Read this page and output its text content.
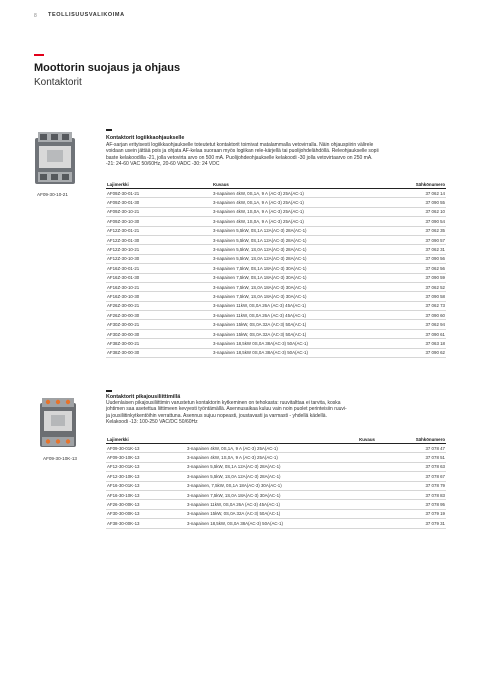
8 TEOLLISUUSVALIKOIMA
Moottorin suojaus ja ohjaus
Kontaktorit
AF09-30-10-21
Kontaktorit logiikkaohjaukselle
AF-sarjan erityisesti logiikkaohjaukselle toteutetut kontaktorit toimivat matalammalla vetovirralla. Näin ohjauspiirin välirele
voidaan usein jättää pois ja ohjata AF-kelaa suoraan myös logiikan rele-kärjellä tai puolijohdelähdöllä. Releohjaukselle sopii
baste kelakoodilla -21, jolla vetovirta arvo on 500 mA. Puolijohdeohjaukselle kelakoodi -30 jolla vetovirtaarvo on 250 mA.
-21: 24-60 VAC 50/60Hz, 20-60 VADC -30: 24 VDC
Lajimerkki	Kuvaus	Sähkönumero
AF09Z-30-01-21	3-napainen 4kW, 0S,1A, 9 A (AC-3) 25A(AC-1)	37 062 14
AF09Z-30-01-30	3-napainen 4kW, 0S,1A, 9 A (AC-3) 25A(AC-1)	37 090 55
AF09Z-30-10-21	3-napainen 4kW, 1S,0A, 9 A (AC-3) 25A(AC-1)	37 062 10
AF09Z-30-10-30	3-napainen 4kW, 1S,0A, 9 A (AC-3) 25A(AC-1)	37 090 54
AF12Z-30-01-21	3-napainen 5,5kW, 0S,1A 12A(AC-3) 28A(AC-1)	37 062 35
AF12Z-30-01-30	3-napainen 5,5kW, 0S,1A 12A(AC-3) 28A(AC-1)	37 090 57
AF12Z-30-10-21	3-napainen 5,5kW, 1S,0A 12A(AC-3) 28A(AC-1)	37 062 31
AF12Z-30-10-30	3-napainen 5,5kW, 1S,0A 12A(AC-3) 28A(AC-1)	37 090 56
AF16Z-30-01-21	3-napainen 7,5kW, 0S,1A 18A(AC-3) 30A(AC-1)	37 062 56
AF16Z-30-01-30	3-napainen 7,5kW, 0S,1A 18A(AC-3) 30A(AC-1)	37 090 59
AF16Z-30-10-21	3-napainen 7,5kW, 1S,0A 18A(AC-3) 30A(AC-1)	37 062 52
AF16Z-30-10-30	3-napainen 7,5kW, 1S,0A 18A(AC-3) 30A(AC-1)	37 090 58
AF26Z-30-00-21	3-napainen 11kW, 0S,0A 26A (AC-3) 45A(AC-1)	37 062 73
AF26Z-30-00-30	3-napainen 11kW, 0S,0A 26A (AC-3) 45A(AC-1)	37 090 60
AF30Z-30-00-21	3-napainen 15kW, 0S,0A 32A (AC-3) 50A(AC-1)	37 062 94
AF30Z-30-00-30	3-napainen 15kW, 0S,0A 32A (AC-3) 50A(AC-1)	37 090 61
AF38Z-30-00-21	3-napainen 18,5kW 0S,0A 38A(AC-3) 50A(AC-1)	37 063 18
AF38Z-30-00-30	3-napainen 18,5kW 0S,0A 38A(AC-3) 50A(AC-1)	37 090 62
AF09-30-10K-13
Kontaktorit pikajousiliittimillä
Uudenlaisen pikajousiliittimin varustetun kontaktorin kytkeminen on tehokasta: ruuvitalttaa ei tarvita, koska
johtimen saa asetettua liittimeen kevyesti työntämällä. Asennusaikaa kuluu vain noin puolet perinteisiin ruuvi-
ja jousiliitinkytkentöihin verrattuna. Asennus sujuu nopeasti, joustavasti ja varmasti - yhdellä kädellä.
Kelakoodi -13: 100-250 VAC/DC 50/60Hz
Lajimerkki	Kuvaus	Sähkönumero
AF09-30-01K-13	3-napainen 4kW, 0S,1A, 9 A (AC-3) 25A(AC-1)	37 078 47
AF09-30-10K-13	3-napainen 4kW, 1S,0A, 9 A (AC-3) 25A(AC-1)	37 078 51
AF12-30-01K-13	3-napainen 5,5kW, 0S,1A 12A(AC-3) 28A(AC-1)	37 078 63
AF12-30-10K-13	3-napainen 5,5kW, 1S,0A 12A(AC-3) 28A(AC-1)	37 078 67
AF16-30-01K-13	3-napainen, 7,5kW, 0S,1A 18A(AC-3) 30A(AC-1)	37 078 79
AF16-30-10K-13	3-napainen 7,5kW, 1S,0A 18A(AC-3) 30A(AC-1)	37 078 83
AF26-30-00K-13	3-napainen 11kW, 0S,0A 26A (AC-3) 45A(AC-1)	37 078 95
AF30-30-00K-13	3-napainen 15kW, 0S,0A 32A (AC-3) 50A(AC-1)	37 079 19
AF38-30-00K-13	3-napainen 18,5kW, 0S,0A 38A(AC-3) 50A(AC-1)	37 079 31
